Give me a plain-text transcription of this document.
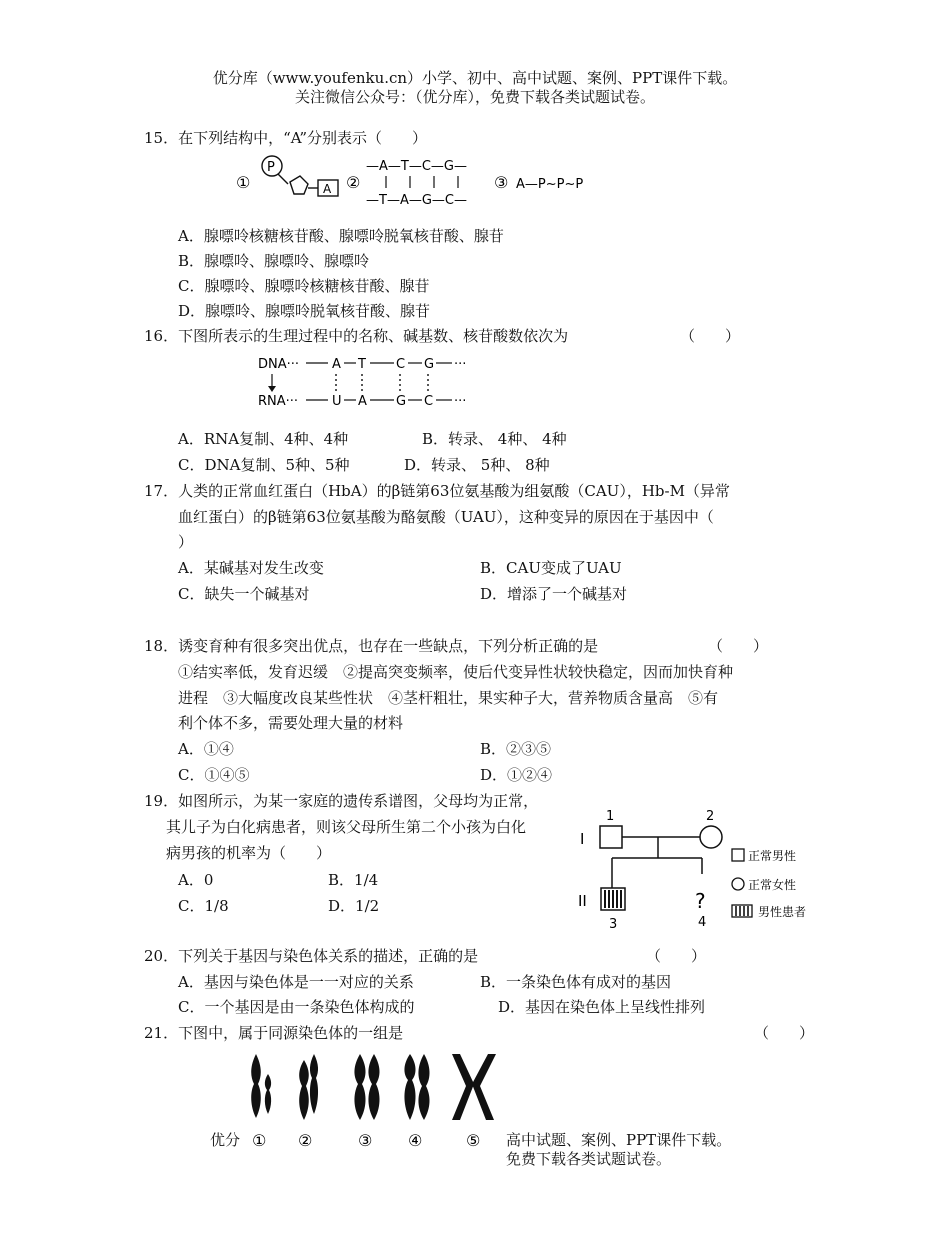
优分库（www.youfenku.cn）小学、初中、高中试题、案例、PPT课件下载。
关注微信公众号：（优分库），免费下载各类试题试卷。
15．在下列结构中，“A”分别表示（　　）
①
P
A ②
—A—T—C—G—
—T—A—G—C—
③ A—P~P~P
A．腺嘌呤核糖核苷酸、腺嘌呤脱氧核苷酸、腺苷
B．腺嘌呤、腺嘌呤、腺嘌呤
C．腺嘌呤、腺嘌呤核糖核苷酸、腺苷
D．腺嘌呤、腺嘌呤脱氧核苷酸、腺苷
16．下图所表示的生理过程中的名称、碱基数、核苷酸数依次为	（　　）
DNA···	A T C G ···
RNA···	U A G C ···
A．RNA复制、4种、4种	B．转录、 4种、 4种
C．DNA复制、5种、5种	D．转录、 5种、 8种
17．人类的正常血红蛋白（HbA）的β链第63位氨基酸为组氨酸（CAU），Hb-M（异常
血红蛋白）的β链第63位氨基酸为酪氨酸（UAU），这种变异的原因在于基因中（
）
A．某碱基对发生改变	B．CAU变成了UAU
C．缺失一个碱基对	D．增添了一个碱基对
18．诱变育种有很多突出优点，也存在一些缺点，下列分析正确的是	（　　）
①结实率低，发育迟缓　②提高突变频率，使后代变异性状较快稳定，因而加快育种
进程　③大幅度改良某些性状　④茎杆粗壮，果实种子大，营养物质含量高　⑤有
利个体不多，需要处理大量的材料
A．①④	B．②③⑤
C．①④⑤	D．①②④
19．如图所示，为某一家庭的遗传系谱图，父母均为正常，
其儿子为白化病患者，则该父母所生第二个小孩为白化
病男孩的机率为（　　）
A．0	B．1/4
C．1/8	D．1/2
I
II
1	2
3
?
4
正常男性
正常女性
男性患者
20．下列关于基因与染色体关系的描述，正确的是	（　　）
A．基因与染色体是一一对应的关系	B．一条染色体有成对的基因
C．一个基因是由一条染色体构成的	D．基因在染色体上呈线性排列
21．下图中，属于同源染色体的一组是	（　　）
① ②	③ ④	⑤
优分	高中试题、案例、PPT课件下载。
免费下载各类试题试卷。
